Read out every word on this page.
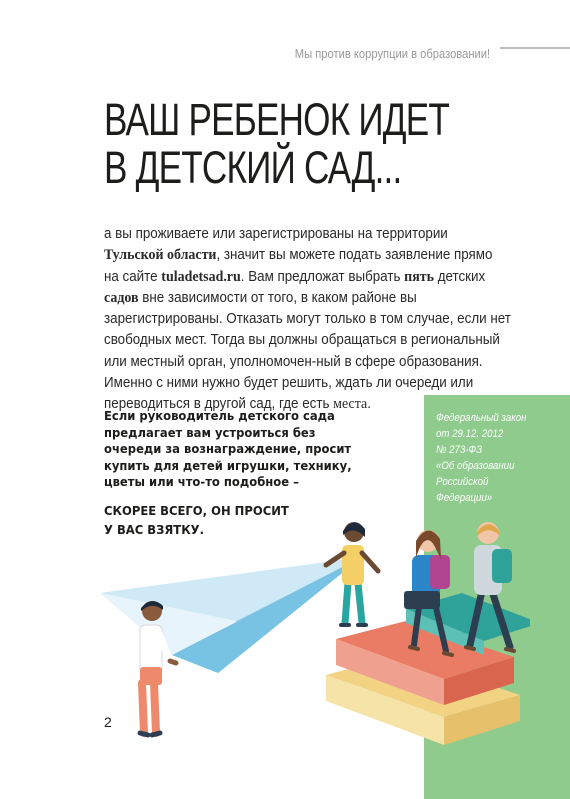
Мы против коррупции в образовании!
ВАШ РЕБЕНОК ИДЕТ
В ДЕТСКИЙ САД...

а вы проживаете или зарегистрированы на территории

Тульской области, значит вы можете подать заявление прямо

на сайте tuladetsad.ru. Вам предложат выбрать пять детских

садов вне зависимости от того, в каком районе вы

зарегистрированы. Отказать могут только в том случае, если нет

свободных мест. Тогда вы должны обращаться в региональный

или местный орган, уполномочен-ный в сфере образования.

Именно с ними нужно будет решить, ждать ли очереди или

переводиться в другой сад, где есть места.

Если руководитель детского сада

предлагает вам устроиться без

очереди за вознаграждение, просит

купить для детей игрушки, технику,

цветы или что-то подобное –

СКОРЕЕ ВСЕГО, ОН ПРОСИТ

У ВАС ВЗЯТКУ.

Федеральный закон

от 29.12. 2012

№ 273-ФЗ

«Об образовании

Российской

Федерации»

2
